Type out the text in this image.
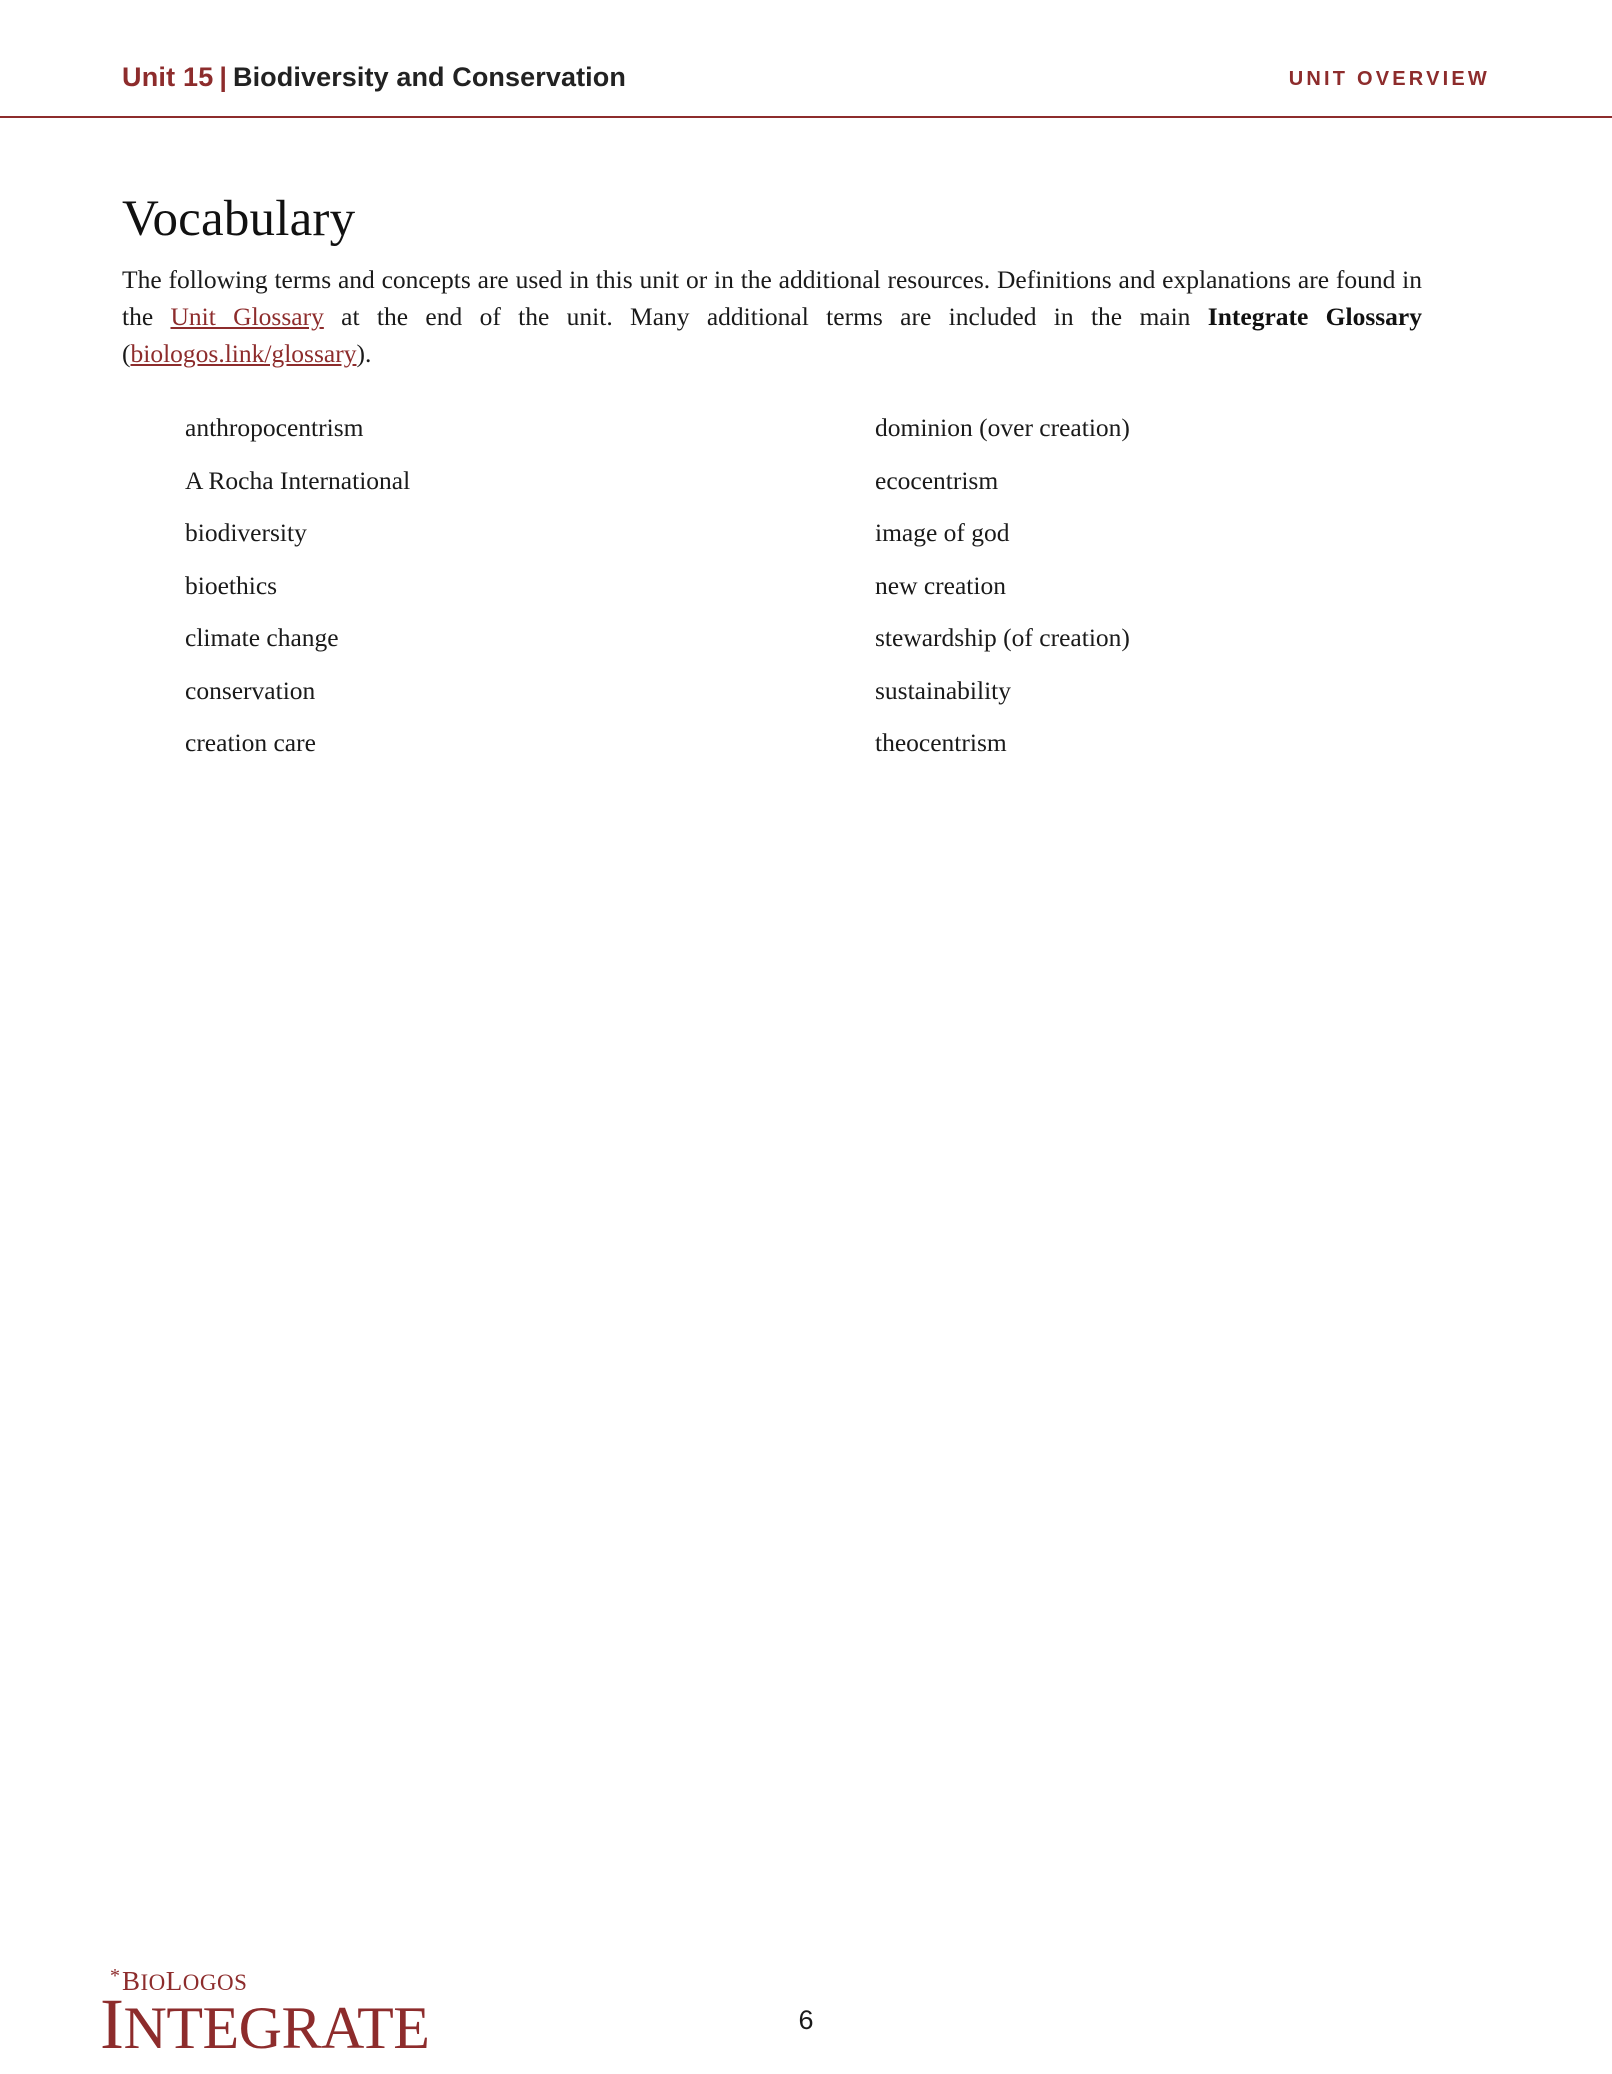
Unit 15 | Biodiversity and Conservation	UNIT OVERVIEW
Vocabulary

The following terms and concepts are used in this unit or in the additional resources. Definitions and explanations are found in the Unit Glossary at the end of the unit. Many additional terms are included in the main Integrate Glossary (biologos.link/glossary).

anthropocentrism
A Rocha International
biodiversity
bioethics
climate change
conservation
creation care
dominion (over creation)
ecocentrism
image of god
new creation
stewardship (of creation)
sustainability
theocentrism
* BIOLOGOS
INTEGRATE	6
